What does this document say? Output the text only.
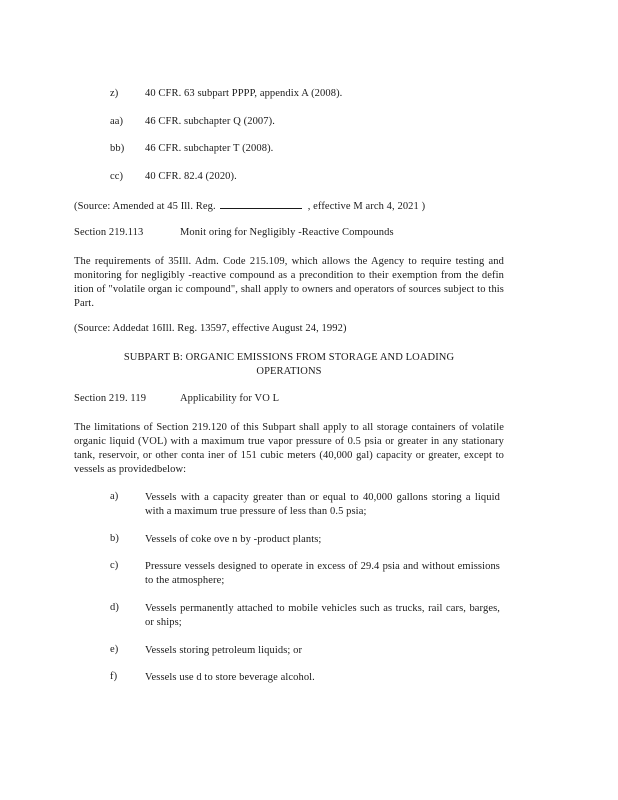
z)	40 CFR. 63 subpart PPPP, appendix A (2008).
aa) 46 CFR. subchapter Q (2007).
bb) 46 CFR. subchapter T (2008).
cc) 40 CFR. 82.4 (2020).
(Source: Amended at 45 Ill. Reg.	, effective M arch 4, 2021 )
Section 219.113	Monit oring for Negligibly -Reactive Compounds
The requirements of 35Ill. Adm. Code 215.109, which allows the Agency to require testing and monitoring for negligibly -reactive compound as a precondition to their exemption from the defin ition of "volatile organ ic compound", shall apply to owners and operators of sources subject to this Part.
(Source: Addedat 16Ill. Reg. 13597, effective August 24, 1992)
SUBPART B: ORGANIC EMISSIONS FROM STORAGE AND LOADING
OPERATIONS
Section 219. 119	Applicability for VO L
The limitations of Section 219.120 of this Subpart shall apply to all storage containers of volatile organic liquid (VOL) with a maximum true vapor pressure of 0.5 psia or greater in any stationary tank, reservoir, or other conta iner of 151 cubic meters (40,000 gal) capacity or greater, except to vessels as providedbelow:
a)	Vessels with a capacity greater than or equal to 40,000 gallons storing a liquid with a maximum true pressure of less than 0.5 psia;
b) Vessels of coke ove n by -product plants;
c)	Pressure vessels designed to operate in excess of 29.4 psia and without emissions to the atmosphere;
d) Vessels permanently attached to mobile vehicles such as trucks, rail cars, barges, or ships;
e)	Vessels storing petroleum liquids; or
f)	Vessels use d to store beverage alcohol.
